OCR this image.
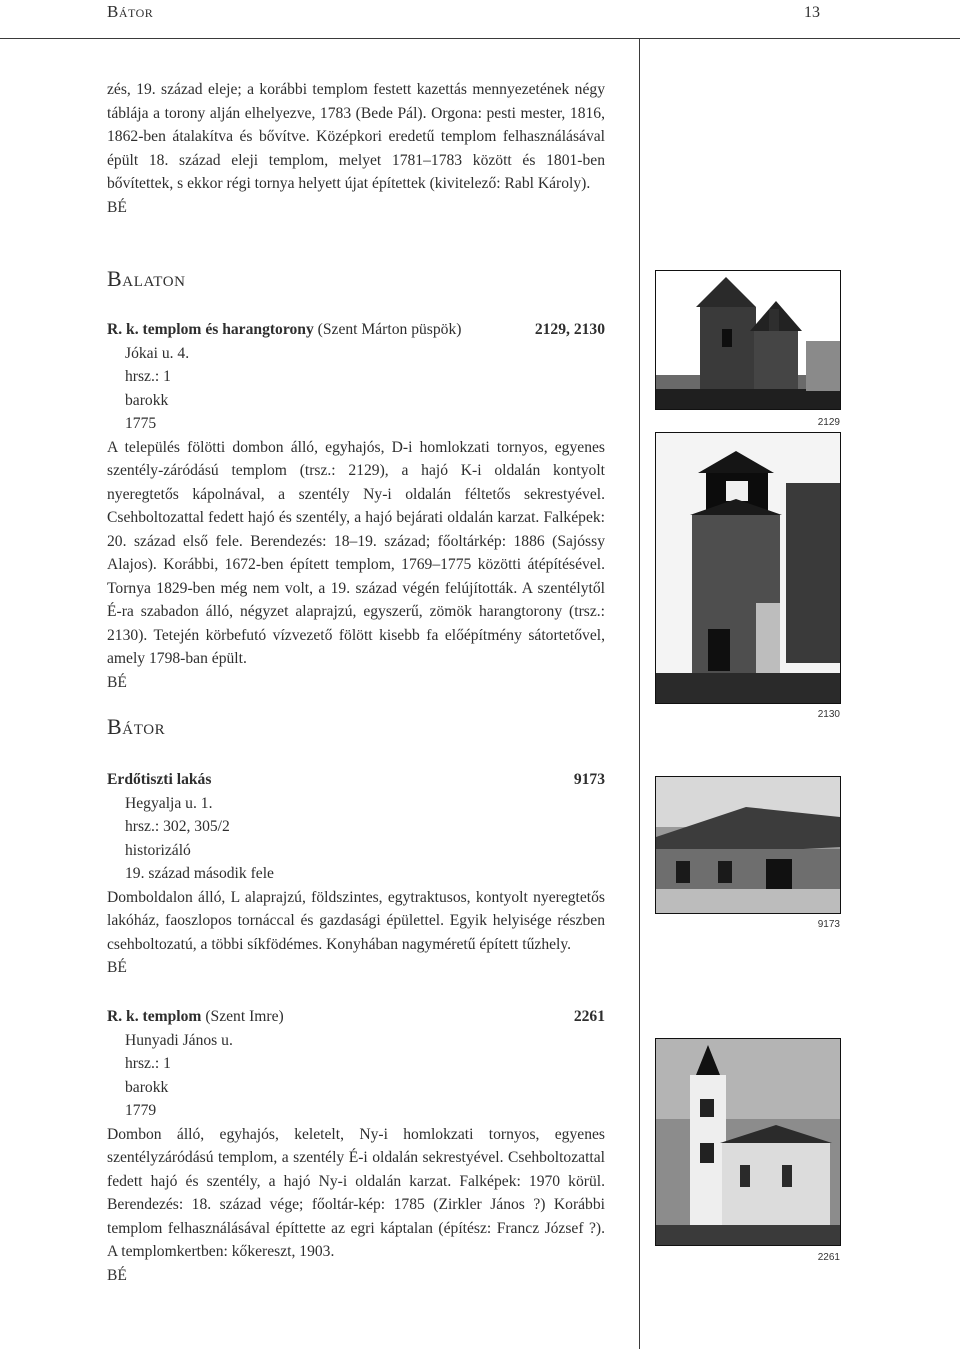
Bátor	13

zés, 19. század eleje; a korábbi templom festett kazettás mennyezetének négy táblája a torony alján elhelyezve, 1783 (Bede Pál). Orgona: pesti mester, 1816, 1862-ben átalakítva és bővítve. Középkori eredetű templom felhasználásával épült 18. század eleji templom, melyet 1781–1783 között és 1801-ben bővítettek, s ekkor régi tornya helyett újat építettek (kivitelező: Rabl Károly).

BÉ

Balaton
R. k. templom és harangtorony (Szent Márton püspök)	2129, 2130

Jókai u. 4.

hrsz.: 1

barokk

1775

A település fölötti dombon álló, egyhajós, D-i homlokzati tornyos, egyenes szentély-záródású templom (trsz.: 2129), a hajó K-i oldalán kontyolt nyeregtetős kápolnával, a szentély Ny-i oldalán féltetős sekrestyével. Csehboltozattal fedett hajó és szentély, a hajó bejárati oldalán karzat. Falképek: 20. század első fele. Berendezés: 18–19. század; főoltárkép: 1886 (Sajóssy Alajos). Korábbi, 1672-ben épített templom, 1769–1775 közötti átépítésével. Tornya 1829-ben még nem volt, a 19. század végén felújították. A szentélytől É-ra szabadon álló, négyzet alaprajzú, egyszerű, zömök harangtorony (trsz.: 2130). Tetején körbefutó vízvezető fölött kisebb fa előépítmény sátortetővel, amely 1798-ban épült.

BÉ

Bátor
Erdőtiszti lakás	9173

Hegyalja u. 1.

hrsz.: 302, 305/2

historizáló

19. század második fele

Domboldalon álló, L alaprajzú, földszintes, egytraktusos, kontyolt nyeregtetős lakóház, faoszlopos tornáccal és gazdasági épülettel. Egyik helyisége részben csehboltozatú, a többi síkfödémes. Konyhában nagyméretű épített tűzhely.

BÉ

R. k. templom (Szent Imre)	2261

Hunyadi János u.

hrsz.: 1

barokk

1779

Dombon álló, egyhajós, keletelt, Ny-i homlokzati tornyos, egyenes szentélyzáródású templom, a szentély É-i oldalán sekrestyével. Csehboltozattal fedett hajó és szentély, a hajó Ny-i oldalán karzat. Falképek: 1970 körül. Berendezés: 18. század vége; főoltár-kép: 1785 (Zirkler János ?) Korábbi templom felhasználásával építtette az egri káptalan (építész: Francz József ?). A templomkertben: kőkereszt, 1903.

BÉ

2129
2130
9173
2261
